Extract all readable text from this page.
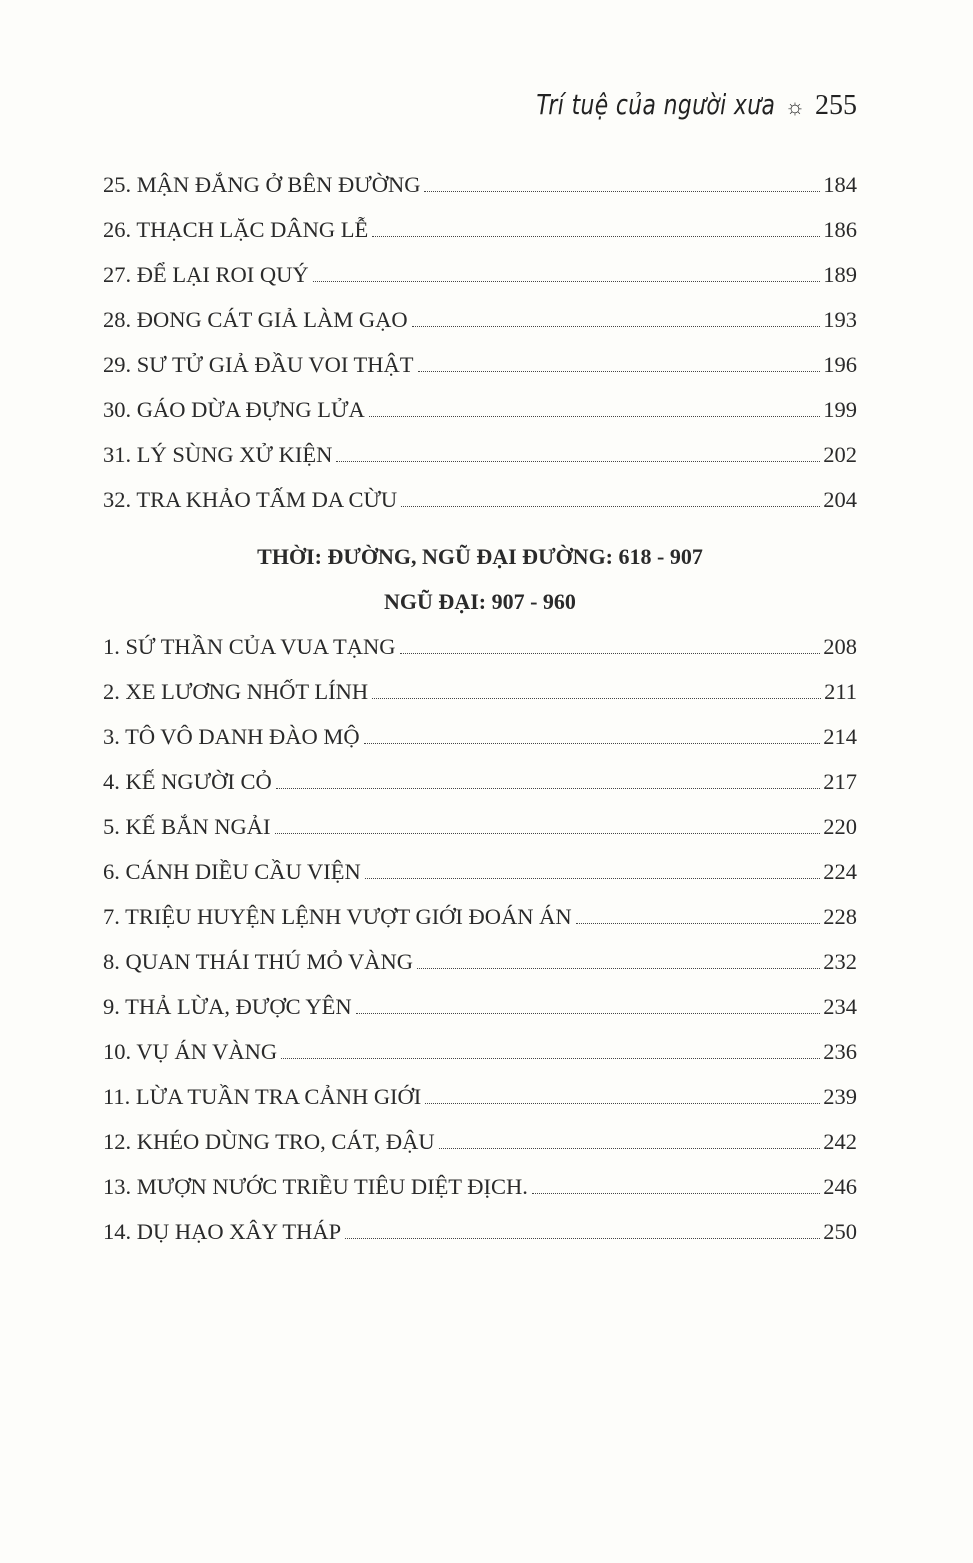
Trí tuệ của người xưa ☼ 255
25. MẬN ĐẮNG Ở BÊN ĐƯỜNG	184
26. THẠCH LẶC DÂNG LỄ	186
27. ĐỂ LẠI ROI QUÝ	189
28. ĐONG CÁT GIẢ LÀM GẠO	193
29. SƯ TỬ GIẢ ĐẦU VOI THẬT	196
30. GÁO DỪA ĐỰNG LỬA	199
31. LÝ SÙNG XỬ KIỆN	202
32. TRA KHẢO TẤM DA CỪU	204
THỜI: ĐƯỜNG, NGŨ ĐẠI ĐƯỜNG: 618 - 907
NGŨ ĐẠI: 907 - 960
1. SỨ THẦN CỦA VUA TẠNG	208
2. XE LƯƠNG NHỐT LÍNH	211
3. TÔ VÔ DANH ĐÀO MỘ	214
4. KẾ NGƯỜI CỎ	217
5. KẾ BẮN NGẢI	220
6. CÁNH DIỀU CẦU VIỆN	224
7. TRIỆU HUYỆN LỆNH VƯỢT GIỚI ĐOÁN ÁN	228
8. QUAN THÁI THÚ MỎ VÀNG	232
9. THẢ LỪA, ĐƯỢC YÊN	234
10. VỤ ÁN VÀNG	236
11. LỪA TUẦN TRA CẢNH GIỚI	239
12. KHÉO DÙNG TRO, CÁT, ĐẬU	242
13. MƯỢN NƯỚC TRIỀU TIÊU DIỆT ĐỊCH.	246
14. DỤ HẠO XÂY THÁP	250
